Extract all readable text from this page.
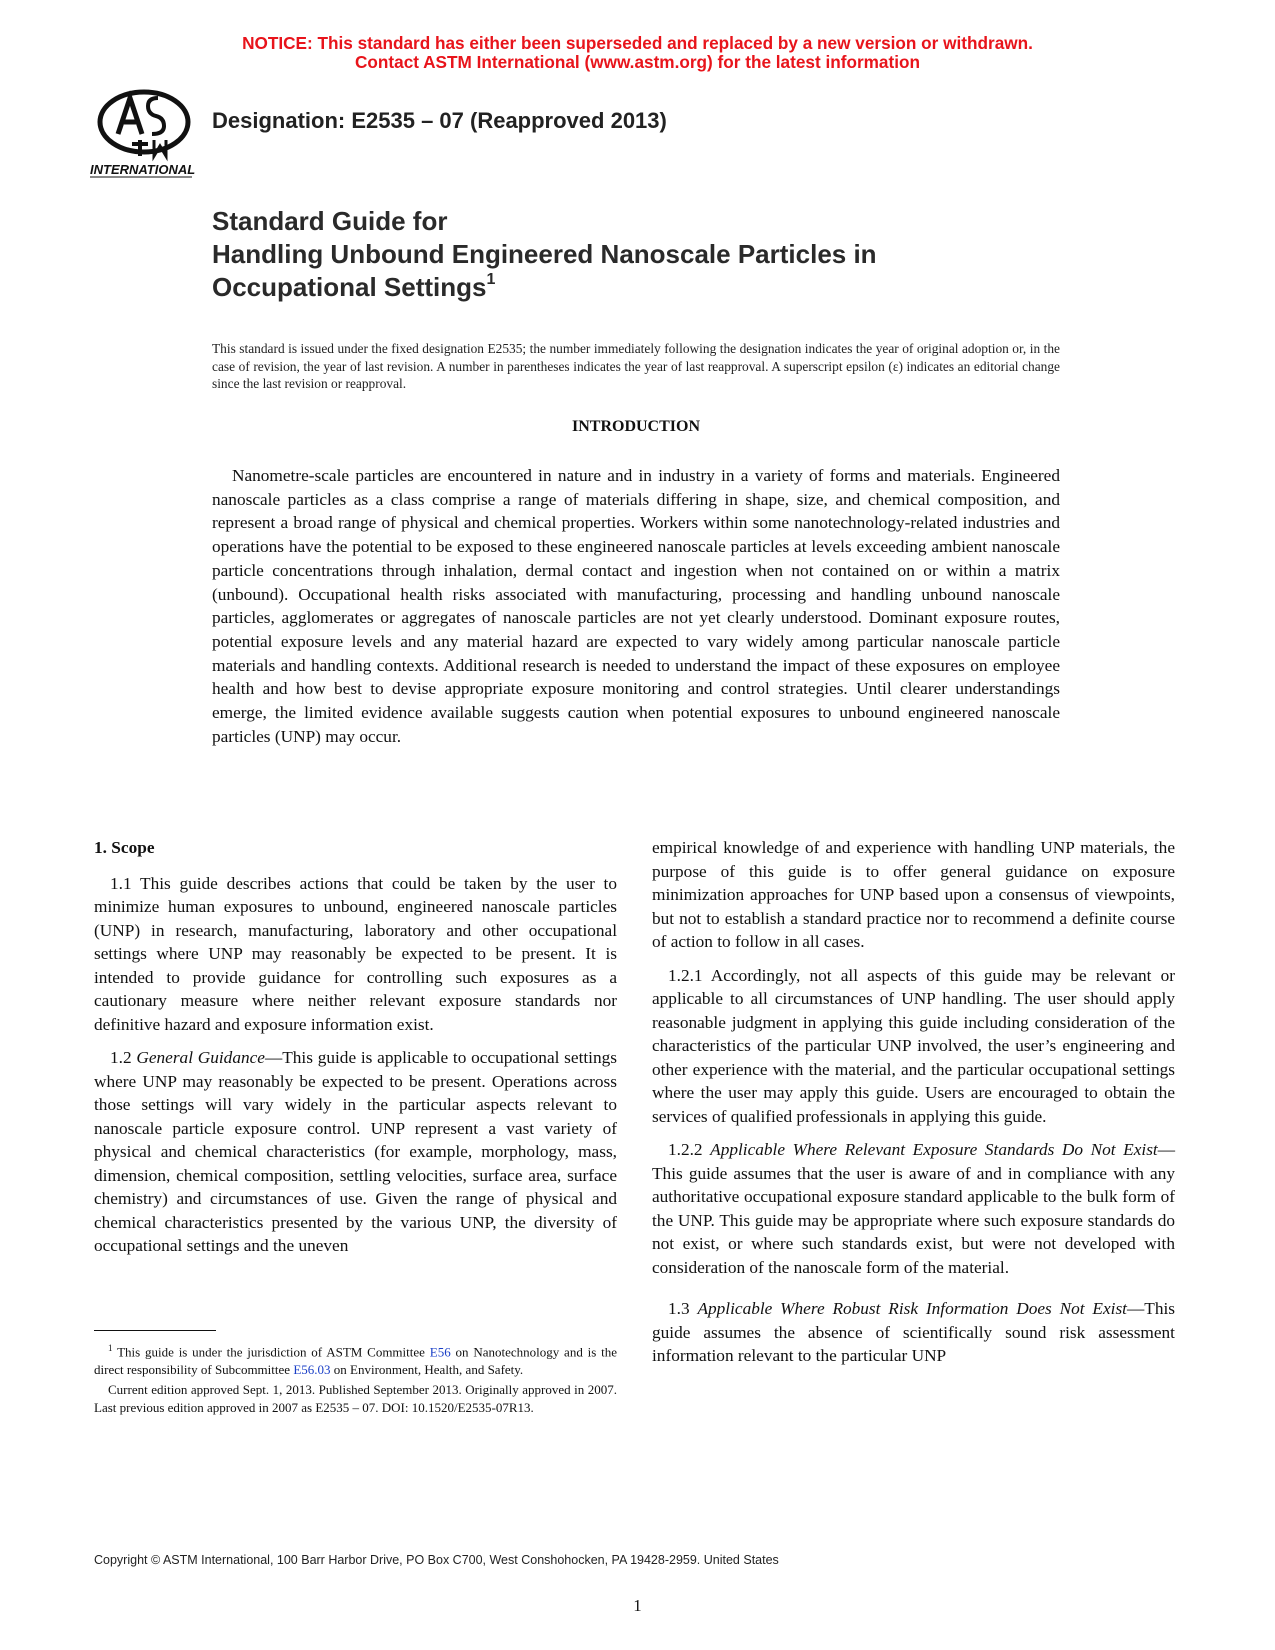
NOTICE: This standard has either been superseded and replaced by a new version or withdrawn.
Contact ASTM International (www.astm.org) for the latest information
INTERNATIONAL
Designation: E2535 – 07 (Reapproved 2013)
Standard Guide for
Handling Unbound Engineered Nanoscale Particles in
Occupational Settings$^1$
This standard is issued under the fixed designation E2535; the number immediately following the designation indicates the year of original adoption or, in the case of revision, the year of last revision. A number in parentheses indicates the year of last reapproval. A superscript epsilon (ε) indicates an editorial change since the last revision or reapproval.
INTRODUCTION
Nanometre-scale particles are encountered in nature and in industry in a variety of forms and materials. Engineered nanoscale particles as a class comprise a range of materials differing in shape, size, and chemical composition, and represent a broad range of physical and chemical properties. Workers within some nanotechnology-related industries and operations have the potential to be exposed to these engineered nanoscale particles at levels exceeding ambient nanoscale particle concentrations through inhalation, dermal contact and ingestion when not contained on or within a matrix (unbound). Occupational health risks associated with manufacturing, processing and handling unbound nanoscale particles, agglomerates or aggregates of nanoscale particles are not yet clearly understood. Dominant exposure routes, potential exposure levels and any material hazard are expected to vary widely among particular nanoscale particle materials and handling contexts. Additional research is needed to understand the impact of these exposures on employee health and how best to devise appropriate exposure monitoring and control strategies. Until clearer understandings emerge, the limited evidence available suggests caution when potential exposures to unbound engineered nanoscale particles (UNP) may occur.
1. Scope

1.1 This guide describes actions that could be taken by the user to minimize human exposures to unbound, engineered nanoscale particles (UNP) in research, manufacturing, laboratory and other occupational settings where UNP may reasonably be expected to be present. It is intended to provide guidance for controlling such exposures as a cautionary measure where neither relevant exposure standards nor definitive hazard and exposure information exist.

1.2 General Guidance—This guide is applicable to occupational settings where UNP may reasonably be expected to be present. Operations across those settings will vary widely in the particular aspects relevant to nanoscale particle exposure control. UNP represent a vast variety of physical and chemical characteristics (for example, morphology, mass, dimension, chemical composition, settling velocities, surface area, surface chemistry) and circumstances of use. Given the range of physical and chemical characteristics presented by the various UNP, the diversity of occupational settings and the uneven

empirical knowledge of and experience with handling UNP materials, the purpose of this guide is to offer general guidance on exposure minimization approaches for UNP based upon a consensus of viewpoints, but not to establish a standard practice nor to recommend a definite course of action to follow in all cases.

1.2.1 Accordingly, not all aspects of this guide may be relevant or applicable to all circumstances of UNP handling. The user should apply reasonable judgment in applying this guide including consideration of the characteristics of the particular UNP involved, the user’s engineering and other experience with the material, and the particular occupational settings where the user may apply this guide. Users are encouraged to obtain the services of qualified professionals in applying this guide.

1.2.2 Applicable Where Relevant Exposure Standards Do Not Exist—This guide assumes that the user is aware of and in compliance with any authoritative occupational exposure standard applicable to the bulk form of the UNP. This guide may be appropriate where such exposure standards do not exist, or where such standards exist, but were not developed with consideration of the nanoscale form of the material.

1.3 Applicable Where Robust Risk Information Does Not Exist—This guide assumes the absence of scientifically sound risk assessment information relevant to the particular UNP

$^1$ This guide is under the jurisdiction of ASTM Committee E56 on Nanotechnology and is the direct responsibility of Subcommittee E56.03 on Environment, Health, and Safety.

Current edition approved Sept. 1, 2013. Published September 2013. Originally approved in 2007. Last previous edition approved in 2007 as E2535 – 07. DOI: 10.1520/E2535-07R13.

Copyright © ASTM International, 100 Barr Harbor Drive, PO Box C700, West Conshohocken, PA 19428-2959. United States
1
